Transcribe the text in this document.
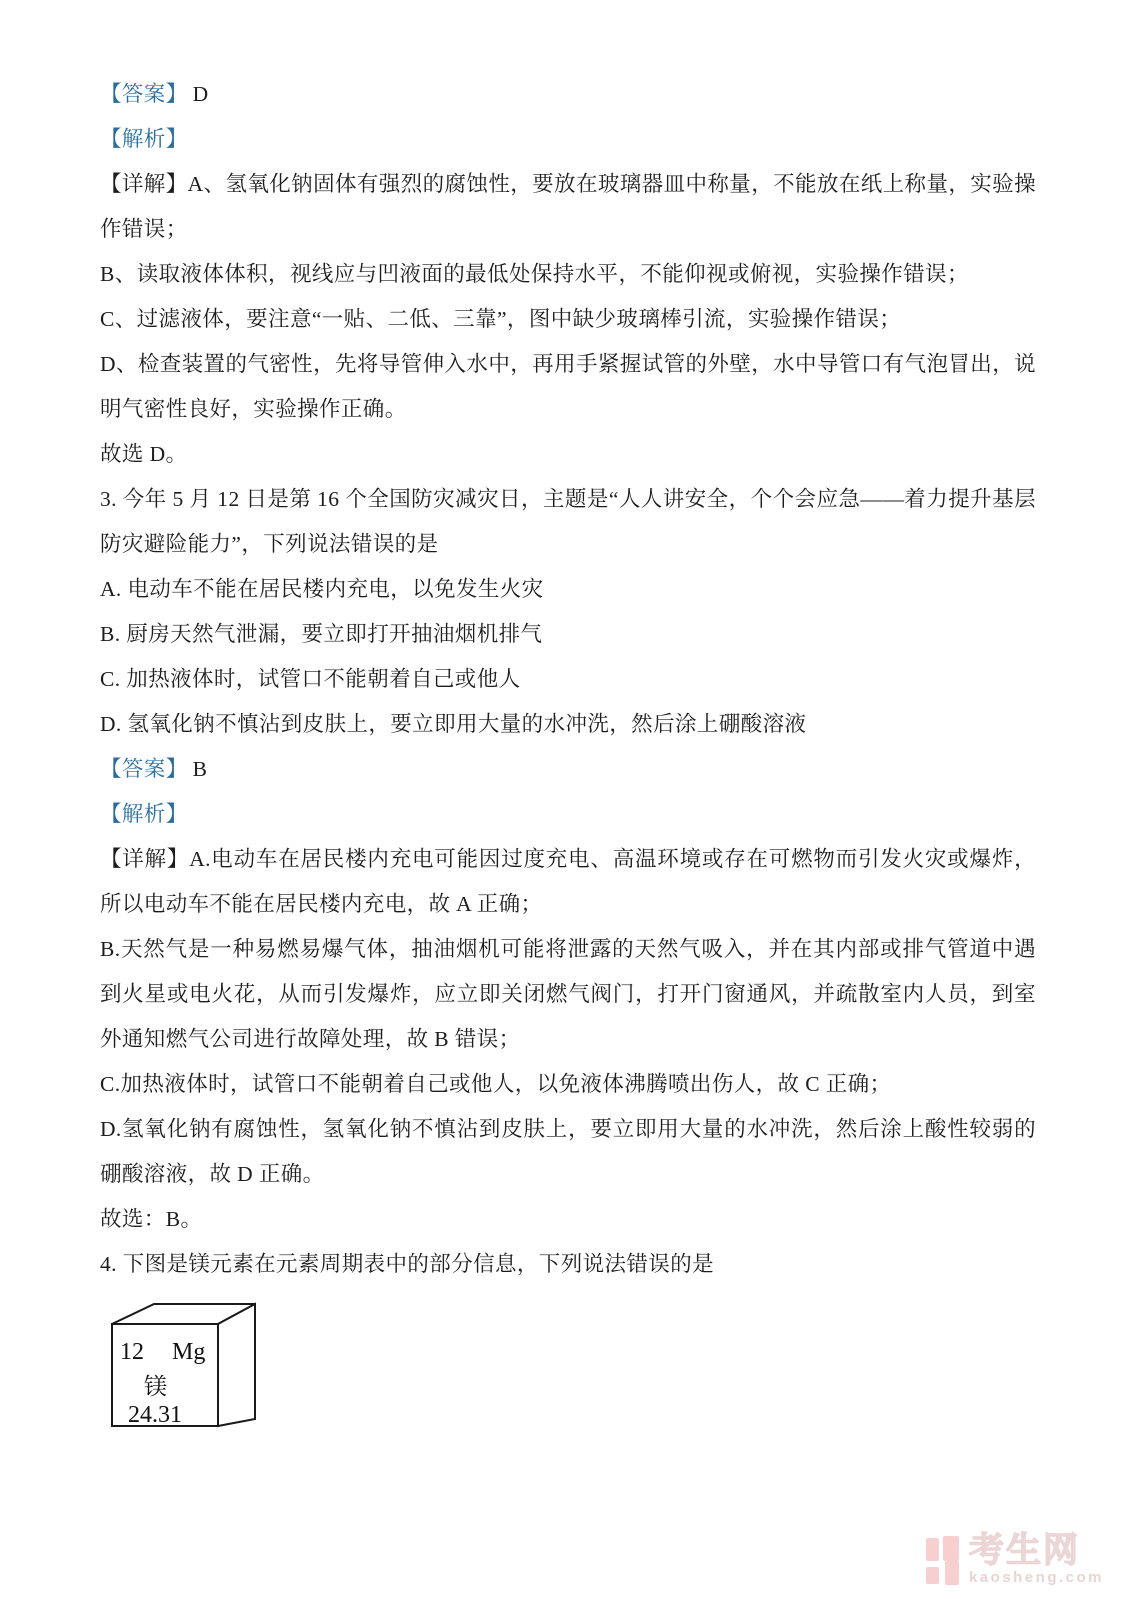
【答案】 D

【解析】

【详解】A、氢氧化钠固体有强烈的腐蚀性，要放在玻璃器皿中称量，不能放在纸上称量，实验操作错误；

B、读取液体体积，视线应与凹液面的最低处保持水平，不能仰视或俯视，实验操作错误；

C、过滤液体，要注意“一贴、二低、三靠”，图中缺少玻璃棒引流，实验操作错误；

D、检查装置的气密性，先将导管伸入水中，再用手紧握试管的外壁，水中导管口有气泡冒出，说明气密性良好，实验操作正确。

故选 D。

3. 今年 5 月 12 日是第 16 个全国防灾减灾日，主题是“人人讲安全，个个会应急——着力提升基层防灾避险能力”，下列说法错误的是

A. 电动车不能在居民楼内充电，以免发生火灾

B. 厨房天然气泄漏，要立即打开抽油烟机排气

C. 加热液体时，试管口不能朝着自己或他人

D. 氢氧化钠不慎沾到皮肤上，要立即用大量的水冲洗，然后涂上硼酸溶液

【答案】 B

【解析】

【详解】A.电动车在居民楼内充电可能因过度充电、高温环境或存在可燃物而引发火灾或爆炸，所以电动车不能在居民楼内充电，故 A 正确；

B.天然气是一种易燃易爆气体，抽油烟机可能将泄露的天然气吸入，并在其内部或排气管道中遇到火星或电火花，从而引发爆炸，应立即关闭燃气阀门，打开门窗通风，并疏散室内人员，到室外通知燃气公司进行故障处理，故 B 错误；

C.加热液体时，试管口不能朝着自己或他人，以免液体沸腾喷出伤人，故 C 正确；

D.氢氧化钠有腐蚀性，氢氧化钠不慎沾到皮肤上，要立即用大量的水冲洗，然后涂上酸性较弱的硼酸溶液，故 D 正确。

故选：B。

4. 下图是镁元素在元素周期表中的部分信息，下列说法错误的是

12 Mg
镁
24.31
考生网
kaosheng.com
